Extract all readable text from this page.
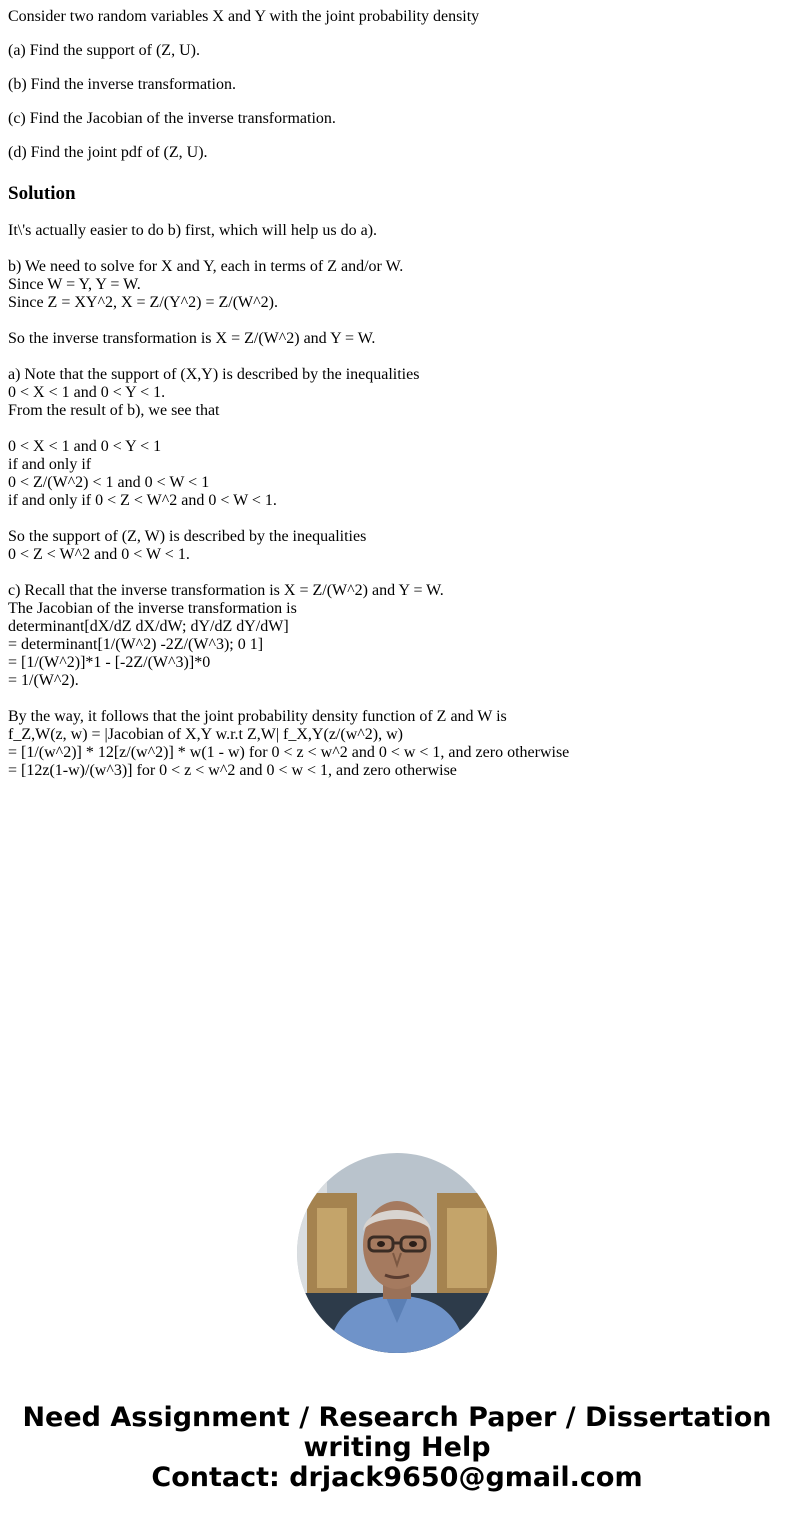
Consider two random variables X and Y with the joint probability density

(a) Find the support of (Z, U).

(b) Find the inverse transformation.

(c) Find the Jacobian of the inverse transformation.

(d) Find the joint pdf of (Z, U).

Solution
It\'s actually easier to do b) first, which will help us do a).
b) We need to solve for X and Y, each in terms of Z and/or W.
Since W = Y, Y = W.
Since Z = XY^2, X = Z/(Y^2) = Z/(W^2).
So the inverse transformation is X = Z/(W^2) and Y = W.
a) Note that the support of (X,Y) is described by the inequalities
0 < X < 1 and 0 < Y < 1.
From the result of b), we see that
0 < X < 1 and 0 < Y < 1
if and only if
0 < Z/(W^2) < 1 and 0 < W < 1
if and only if 0 < Z < W^2 and 0 < W < 1.
So the support of (Z, W) is described by the inequalities
0 < Z < W^2 and 0 < W < 1.
c) Recall that the inverse transformation is X = Z/(W^2) and Y = W.
The Jacobian of the inverse transformation is
determinant[dX/dZ dX/dW; dY/dZ dY/dW]
= determinant[1/(W^2) -2Z/(W^3); 0 1]
= [1/(W^2)]*1 - [-2Z/(W^3)]*0
= 1/(W^2).
By the way, it follows that the joint probability density function of Z and W is
f_Z,W(z, w) = |Jacobian of X,Y w.r.t Z,W| f_X,Y(z/(w^2), w)
= [1/(w^2)] * 12[z/(w^2)] * w(1 - w) for 0 < z < w^2 and 0 < w < 1, and zero otherwise
= [12z(1-w)/(w^3)] for 0 < z < w^2 and 0 < w < 1, and zero otherwise
Need Assignment / Research Paper / Dissertation
writing Help
Contact: drjack9650@gmail.com
